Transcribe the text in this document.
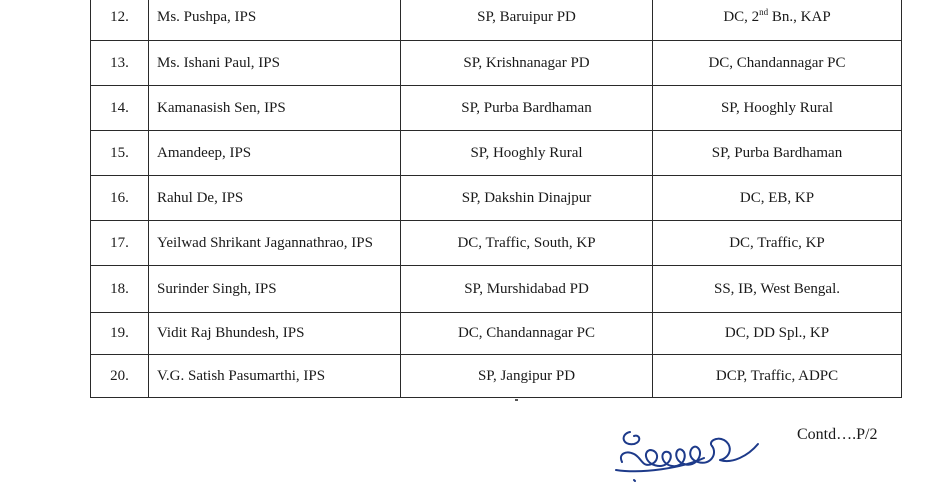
12.	Ms. Pushpa, IPS	SP, Baruipur PD	DC, 2nd Bn., KAP
13.	Ms. Ishani Paul, IPS	SP, Krishnanagar PD	DC, Chandannagar PC
14.	Kamanasish Sen, IPS	SP, Purba Bardhaman	SP, Hooghly Rural
15.	Amandeep, IPS	SP, Hooghly Rural	SP, Purba Bardhaman
16.	Rahul De, IPS	SP, Dakshin Dinajpur	DC, EB, KP
17.	Yeilwad Shrikant Jagannathrao, IPS	DC, Traffic, South, KP	DC, Traffic, KP
18.	Surinder Singh, IPS	SP, Murshidabad PD	SS, IB, West Bengal.
19.	Vidit Raj Bhundesh, IPS	DC, Chandannagar PC	DC, DD Spl., KP
20.	V.G. Satish Pasumarthi, IPS	SP, Jangipur PD	DCP, Traffic, ADPC
Contd….P/2
